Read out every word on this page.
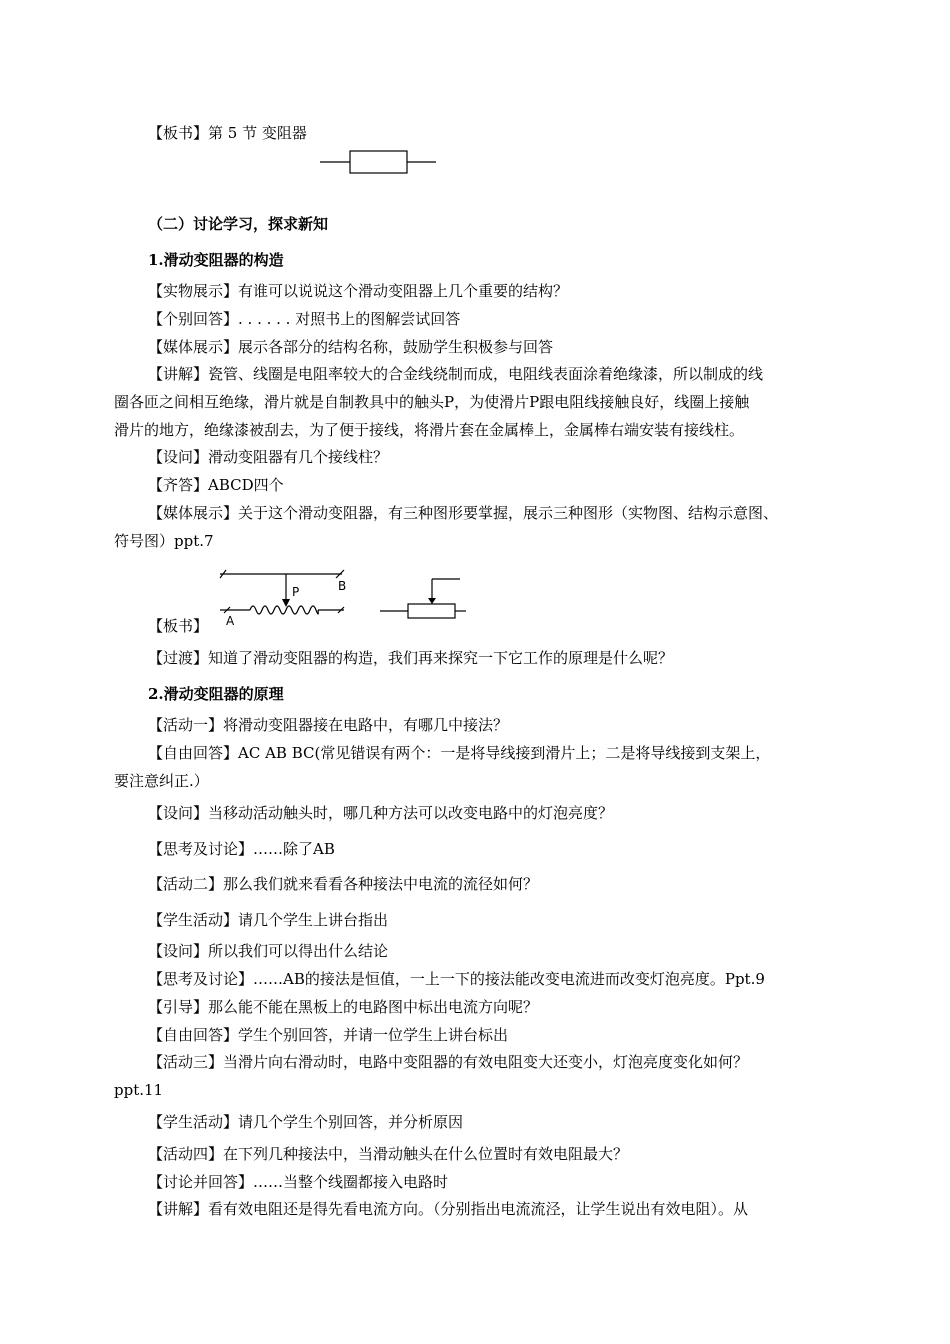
【板书】第 5 节 变阻器
（二）讨论学习，探求新知
1.滑动变阻器的构造
【实物展示】有谁可以说说这个滑动变阻器上几个重要的结构？
【个别回答】. . . . . . 对照书上的图解尝试回答
【媒体展示】展示各部分的结构名称，鼓励学生积极参与回答
【讲解】瓷管、线圈是电阻率较大的合金线绕制而成，电阻线表面涂着绝缘漆，所以制成的线
圈各匝之间相互绝缘，滑片就是自制教具中的触头P，为使滑片P跟电阻线接触良好，线圈上接触
滑片的地方，绝缘漆被刮去，为了便于接线，将滑片套在金属棒上，金属棒右端安装有接线柱。
【设问】滑动变阻器有几个接线柱？
【齐答】ABCD四个
【媒体展示】关于这个滑动变阻器，有三种图形要掌握，展示三种图形（实物图、结构示意图、
符号图）ppt.7
P	B
A
【板书】
【过渡】知道了滑动变阻器的构造，我们再来探究一下它工作的原理是什么呢？
2.滑动变阻器的原理
【活动一】将滑动变阻器接在电路中，有哪几中接法？
【自由回答】AC AB BC(常见错误有两个：一是将导线接到滑片上；二是将导线接到支架上，
要注意纠正.）
【设问】当移动活动触头时，哪几种方法可以改变电路中的灯泡亮度？
【思考及讨论】……除了AB
【活动二】那么我们就来看看各种接法中电流的流径如何？
【学生活动】请几个学生上讲台指出
【设问】所以我们可以得出什么结论
【思考及讨论】……AB的接法是恒值，一上一下的接法能改变电流进而改变灯泡亮度。Ppt.9
【引导】那么能不能在黑板上的电路图中标出电流方向呢？
【自由回答】学生个别回答，并请一位学生上讲台标出
【活动三】当滑片向右滑动时，电路中变阻器的有效电阻变大还变小，灯泡亮度变化如何？
ppt.11
【学生活动】请几个学生个别回答，并分析原因
【活动四】在下列几种接法中，当滑动触头在什么位置时有效电阻最大？
【讨论并回答】……当整个线圈都接入电路时
【讲解】看有效电阻还是得先看电流方向。（分别指出电流流泾，让学生说出有效电阻）。从
